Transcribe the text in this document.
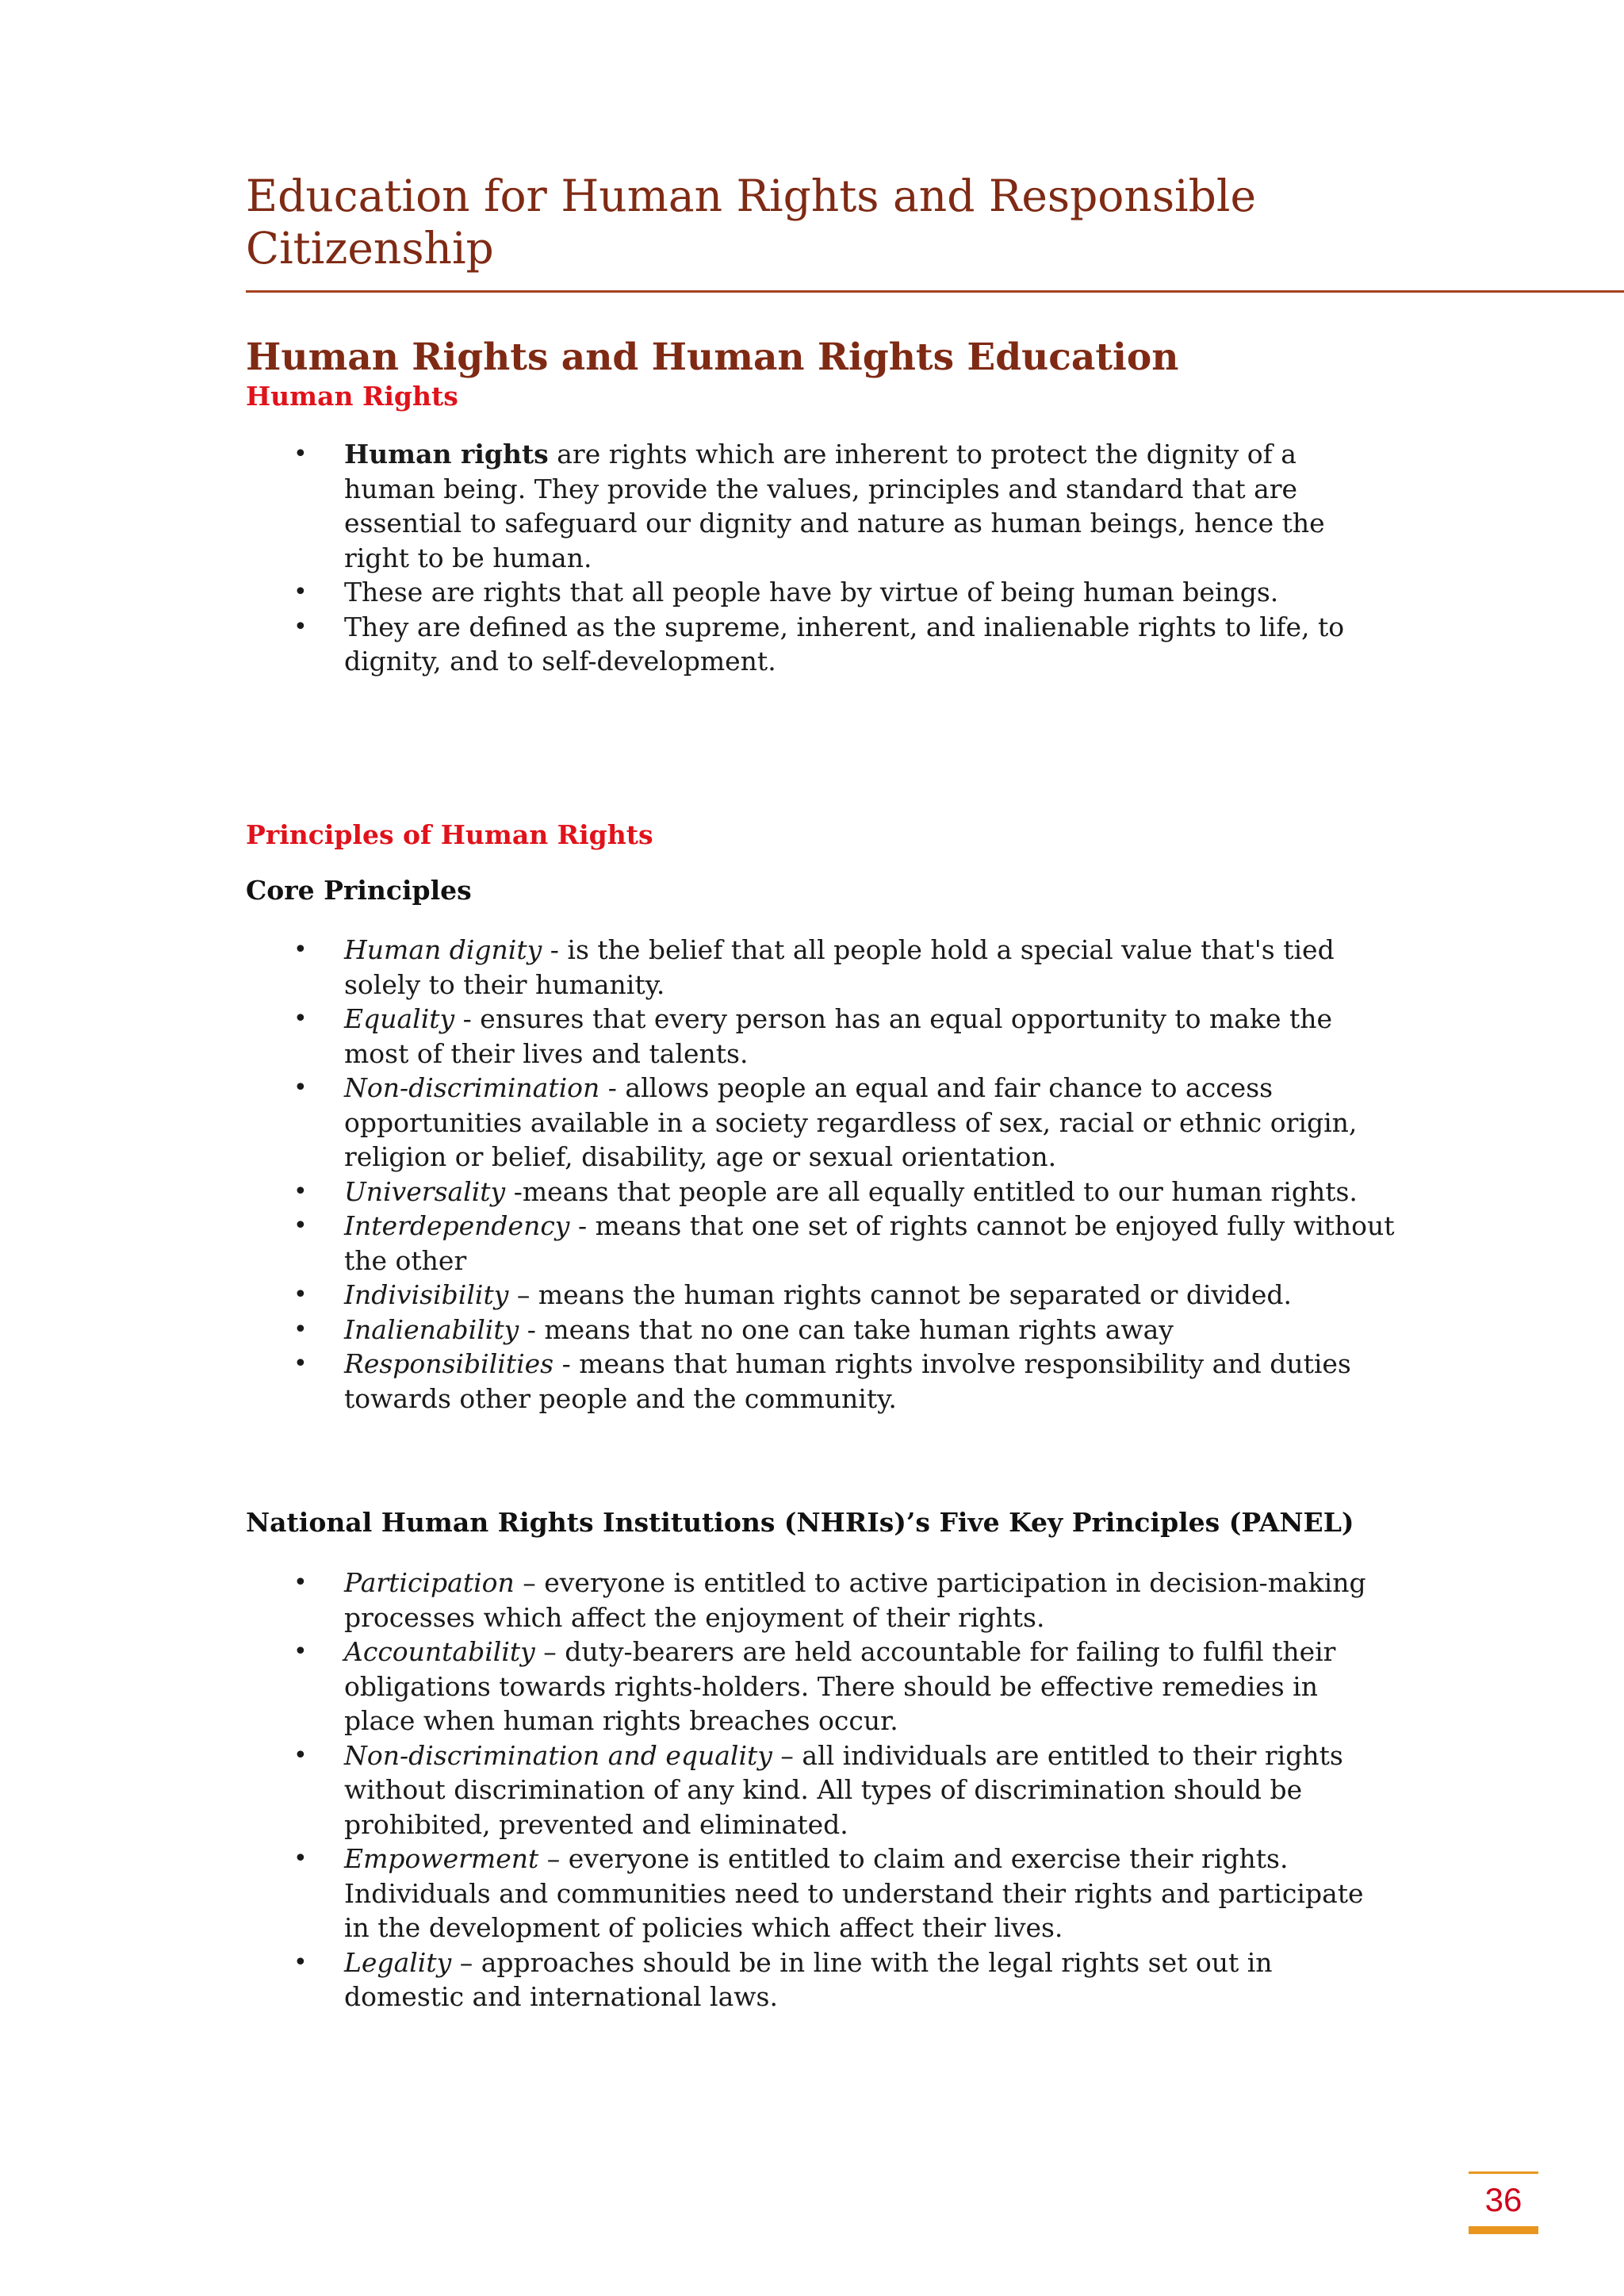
Education for Human Rights and Responsible Citizenship
Human Rights and Human Rights Education
Human Rights
• Human rights are rights which are inherent to protect the dignity of a human being. They provide the values, principles and standard that are essential to safeguard our dignity and nature as human beings, hence the right to be human.
• These are rights that all people have by virtue of being human beings.
• They are defined as the supreme, inherent, and inalienable rights to life, to dignity, and to self-development.
Principles of Human Rights
Core Principles
• Human dignity - is the belief that all people hold a special value that's tied solely to their humanity.
• Equality - ensures that every person has an equal opportunity to make the most of their lives and talents.
• Non-discrimination - allows people an equal and fair chance to access opportunities available in a society regardless of sex, racial or ethnic origin, religion or belief, disability, age or sexual orientation.
• Universality -means that people are all equally entitled to our human rights.
• Interdependency - means that one set of rights cannot be enjoyed fully without the other
• Indivisibility – means the human rights cannot be separated or divided.
• Inalienability - means that no one can take human rights away
• Responsibilities - means that human rights involve responsibility and duties towards other people and the community.
National Human Rights Institutions (NHRIs)’s Five Key Principles (PANEL)
• Participation – everyone is entitled to active participation in decision-making processes which affect the enjoyment of their rights.
• Accountability – duty-bearers are held accountable for failing to fulfil their obligations towards rights-holders. There should be effective remedies in place when human rights breaches occur.
• Non-discrimination and equality – all individuals are entitled to their rights without discrimination of any kind. All types of discrimination should be prohibited, prevented and eliminated.
• Empowerment – everyone is entitled to claim and exercise their rights. Individuals and communities need to understand their rights and participate in the development of policies which affect their lives.
• Legality – approaches should be in line with the legal rights set out in domestic and international laws.
36
